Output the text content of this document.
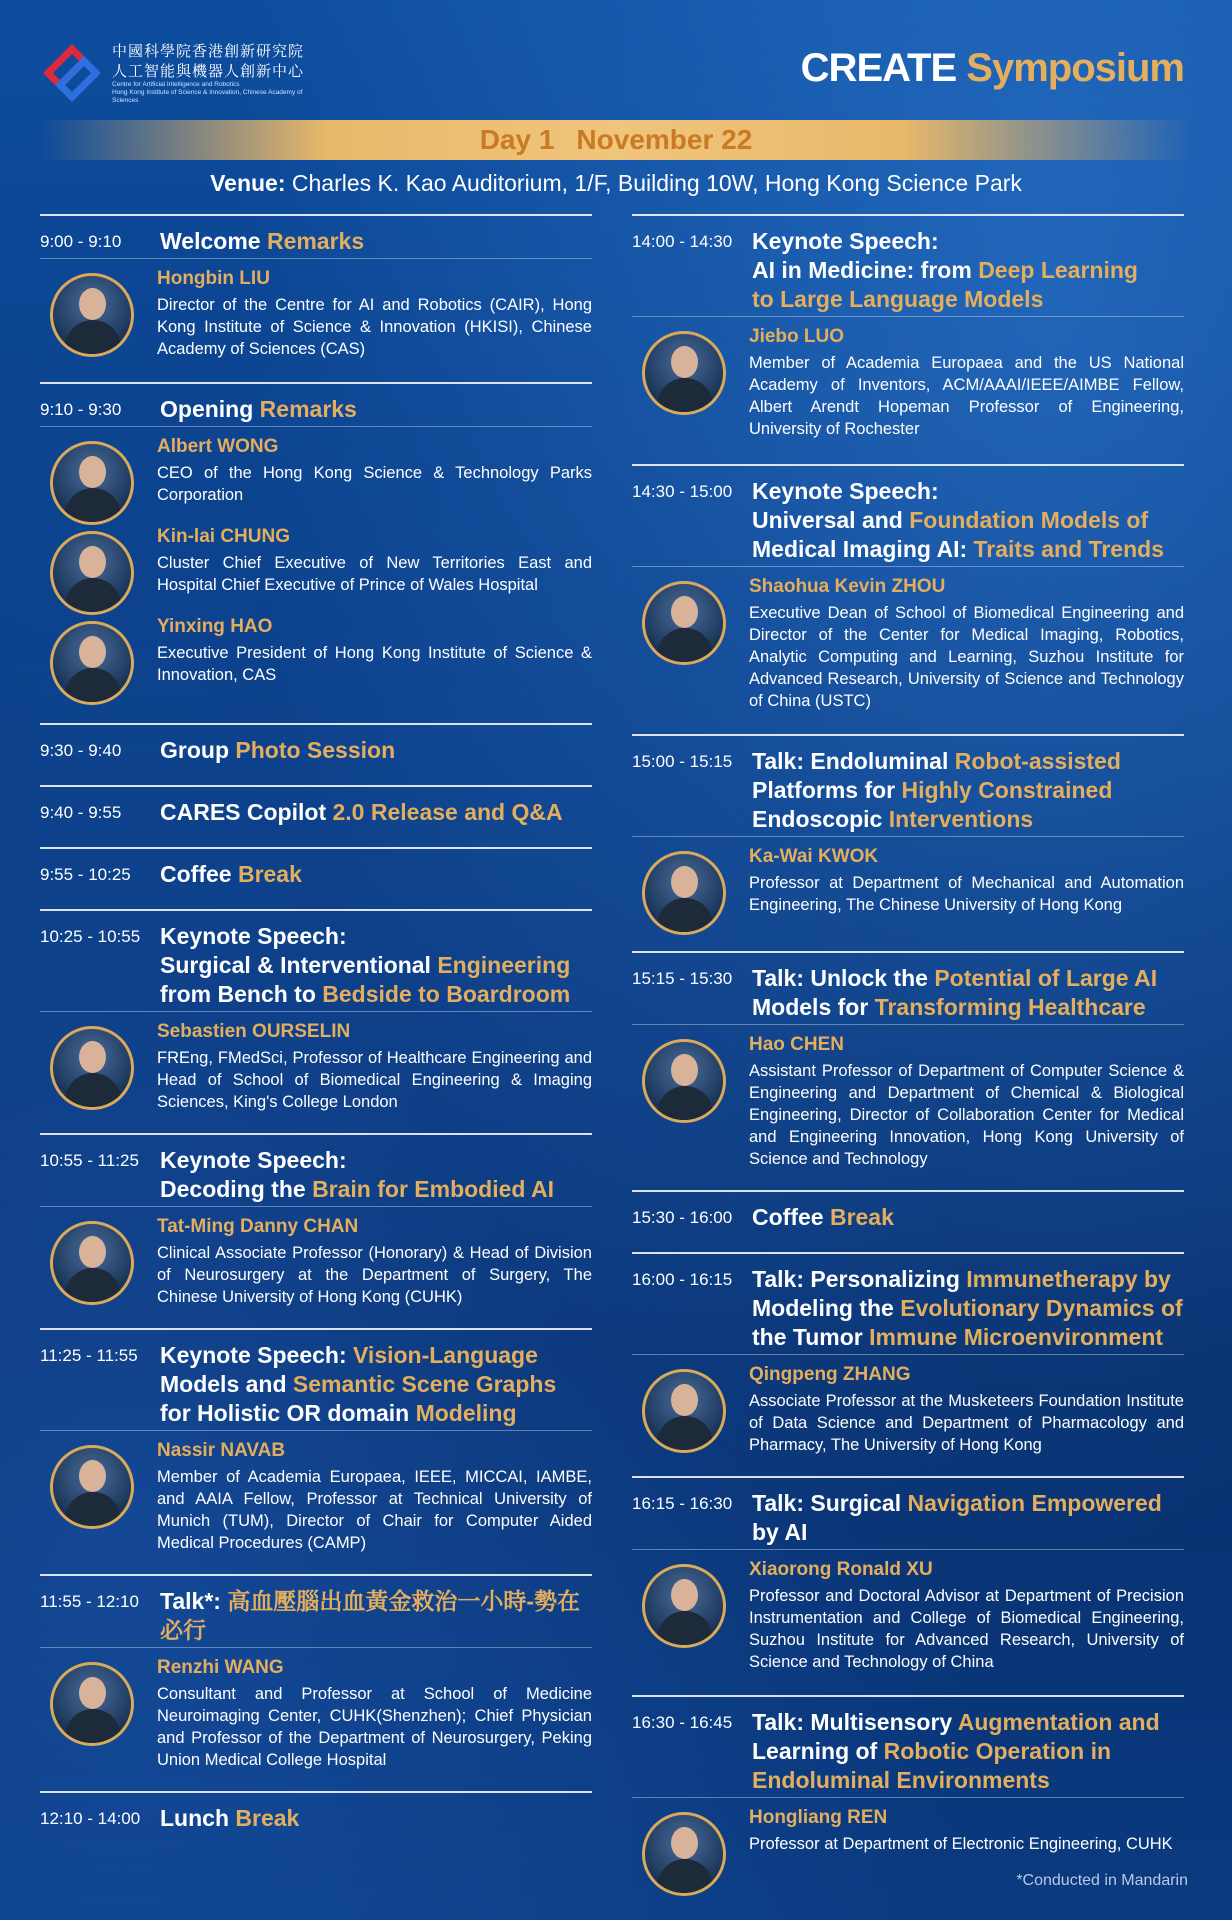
中國科學院香港創新研究院
人工智能與機器人創新中心
Centre for Artificial Intelligence and Robotics
Hong Kong Institute of Science & Innovation, Chinese Academy of Sciences
CREATE Symposium
Day 1 November 22
Venue: Charles K. Kao Auditorium, 1/F, Building 10W, Hong Kong Science Park
9:00 - 9:10	Welcome Remarks
Hongbin LIU
Director of the Centre for AI and Robotics (CAIR), Hong Kong Institute of Science & Innovation (HKISI), Chinese Academy of Sciences (CAS)
9:10 - 9:30	Opening Remarks
Albert WONG
CEO of the Hong Kong Science & Technology Parks Corporation
Kin-lai CHUNG
Cluster Chief Executive of New Territories East and Hospital Chief Executive of Prince of Wales Hospital
Yinxing HAO
Executive President of Hong Kong Institute of Science & Innovation, CAS
9:30 - 9:40	Group Photo Session
9:40 - 9:55	CARES Copilot 2.0 Release and Q&A
9:55 - 10:25	Coffee Break
10:25 - 10:55 Keynote Speech:
Surgical & Interventional Engineering
from Bench to Bedside to Boardroom
Sebastien OURSELIN
FREng, FMedSci, Professor of Healthcare Engineering and Head of School of Biomedical Engineering & Imaging Sciences, King's College London
10:55 - 11:25 Keynote Speech:
Decoding the Brain for Embodied AI
Tat-Ming Danny CHAN
Clinical Associate Professor (Honorary) & Head of Division of Neurosurgery at the Department of Surgery, The Chinese University of Hong Kong (CUHK)
11:25 - 11:55 Keynote Speech: Vision-Language
Models and Semantic Scene Graphs
for Holistic OR domain Modeling
Nassir NAVAB
Member of Academia Europaea, IEEE, MICCAI, IAMBE, and AAIA Fellow, Professor at Technical University of Munich (TUM), Director of Chair for Computer Aided Medical Procedures (CAMP)
11:55 - 12:10 Talk*: 高血壓腦出血黃金救治一小時-勢在必行
Renzhi WANG
Consultant and Professor at School of Medicine Neuroimaging Center, CUHK(Shenzhen); Chief Physician and Professor of the Department of Neurosurgery, Peking Union Medical College Hospital
12:10 - 14:00 Lunch Break
14:00 - 14:30 Keynote Speech:
AI in Medicine: from Deep Learning
to Large Language Models
Jiebo LUO
Member of Academia Europaea and the US National Academy of Inventors, ACM/AAAI/IEEE/AIMBE Fellow, Albert Arendt Hopeman Professor of Engineering, University of Rochester
14:30 - 15:00 Keynote Speech:
Universal and Foundation Models of
Medical Imaging AI: Traits and Trends
Shaohua Kevin ZHOU
Executive Dean of School of Biomedical Engineering and Director of the Center for Medical Imaging, Robotics, Analytic Computing and Learning, Suzhou Institute for Advanced Research, University of Science and Technology of China (USTC)
15:00 - 15:15 Talk: Endoluminal Robot-assisted
Platforms for Highly Constrained
Endoscopic Interventions
Ka-Wai KWOK
Professor at Department of Mechanical and Automation Engineering, The Chinese University of Hong Kong
15:15 - 15:30 Talk: Unlock the Potential of Large AI
Models for Transforming Healthcare
Hao CHEN
Assistant Professor of Department of Computer Science & Engineering and Department of Chemical & Biological Engineering, Director of Collaboration Center for Medical and Engineering Innovation, Hong Kong University of Science and Technology
15:30 - 16:00 Coffee Break
16:00 - 16:15 Talk: Personalizing Immunetherapy by
Modeling the Evolutionary Dynamics of
the Tumor Immune Microenvironment
Qingpeng ZHANG
Associate Professor at the Musketeers Foundation Institute of Data Science and Department of Pharmacology and Pharmacy, The University of Hong Kong
16:15 - 16:30 Talk: Surgical Navigation Empowered
by AI
Xiaorong Ronald XU
Professor and Doctoral Advisor at Department of Precision Instrumentation and College of Biomedical Engineering, Suzhou Institute for Advanced Research, University of Science and Technology of China
16:30 - 16:45 Talk: Multisensory Augmentation and
Learning of Robotic Operation in
Endoluminal Environments
Hongliang REN
Professor at Department of Electronic Engineering, CUHK
*Conducted in Mandarin
